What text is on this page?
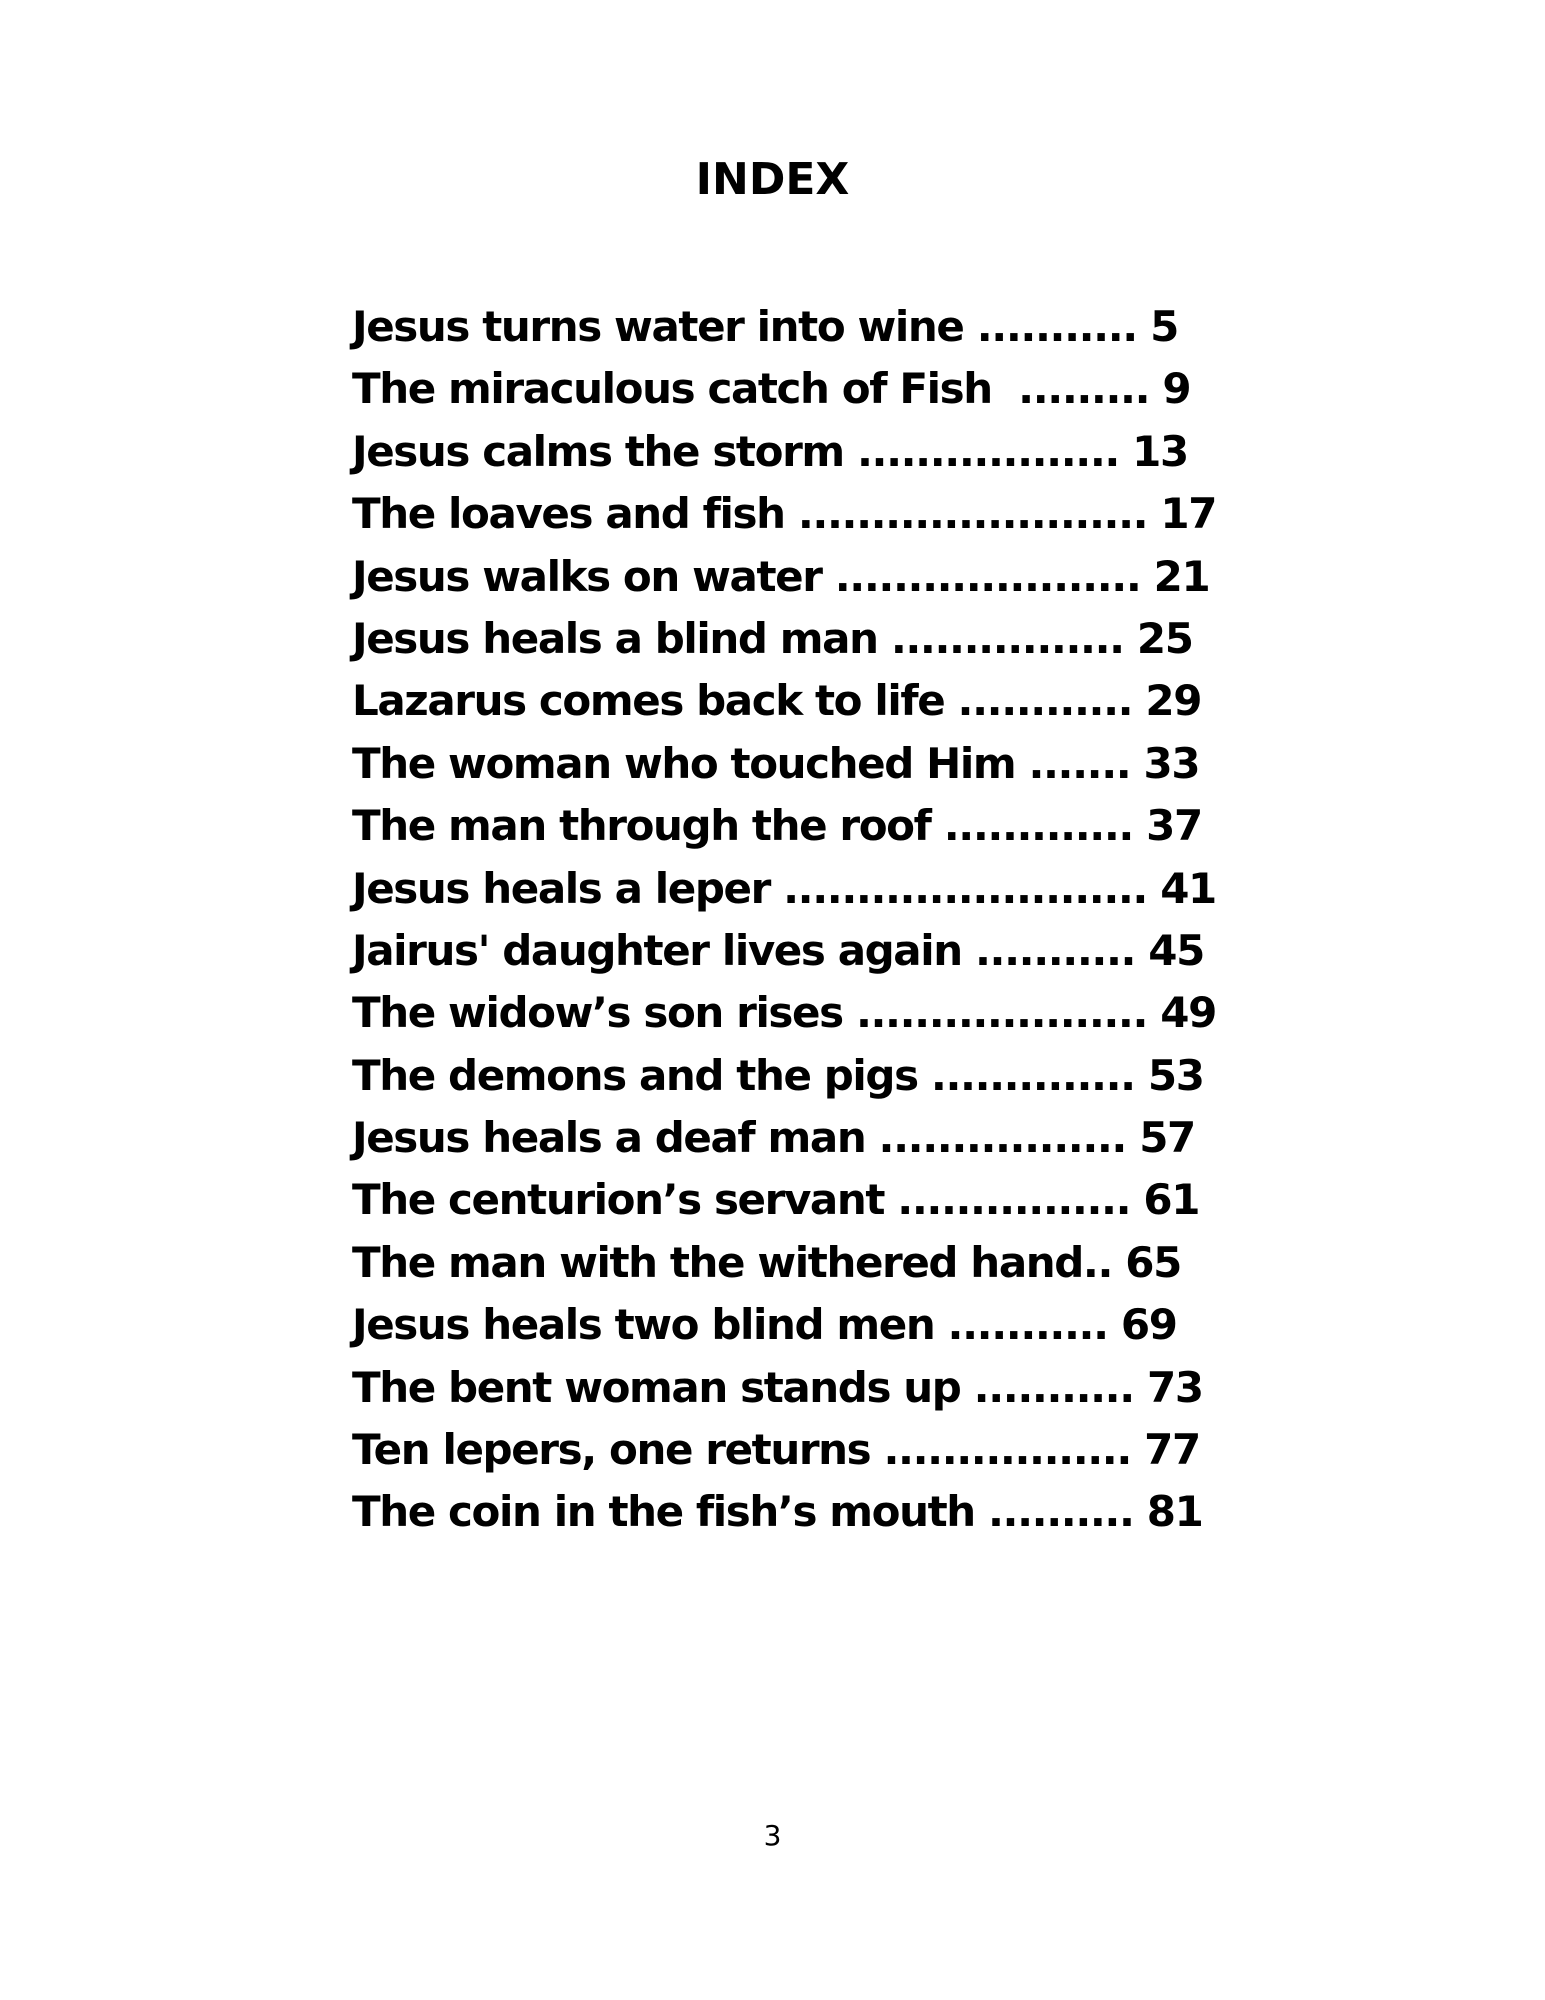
INDEX
Jesus turns water into wine ........... 5
The miraculous catch of Fish  ......... 9
Jesus calms the storm .................. 13
The loaves and fish ........................ 17
Jesus walks on water ..................... 21
Jesus heals a blind man ................ 25
Lazarus comes back to life ............ 29
The woman who touched Him ....... 33
The man through the roof ............. 37
Jesus heals a leper ......................... 41
Jairus' daughter lives again ........... 45
The widow’s son rises .................... 49
The demons and the pigs .............. 53
Jesus heals a deaf man ................. 57
The centurion’s servant ................ 61
The man with the withered hand.. 65
Jesus heals two blind men ........... 69
The bent woman stands up ........... 73
Ten lepers, one returns ................. 77
The coin in the fish’s mouth .......... 81
3
